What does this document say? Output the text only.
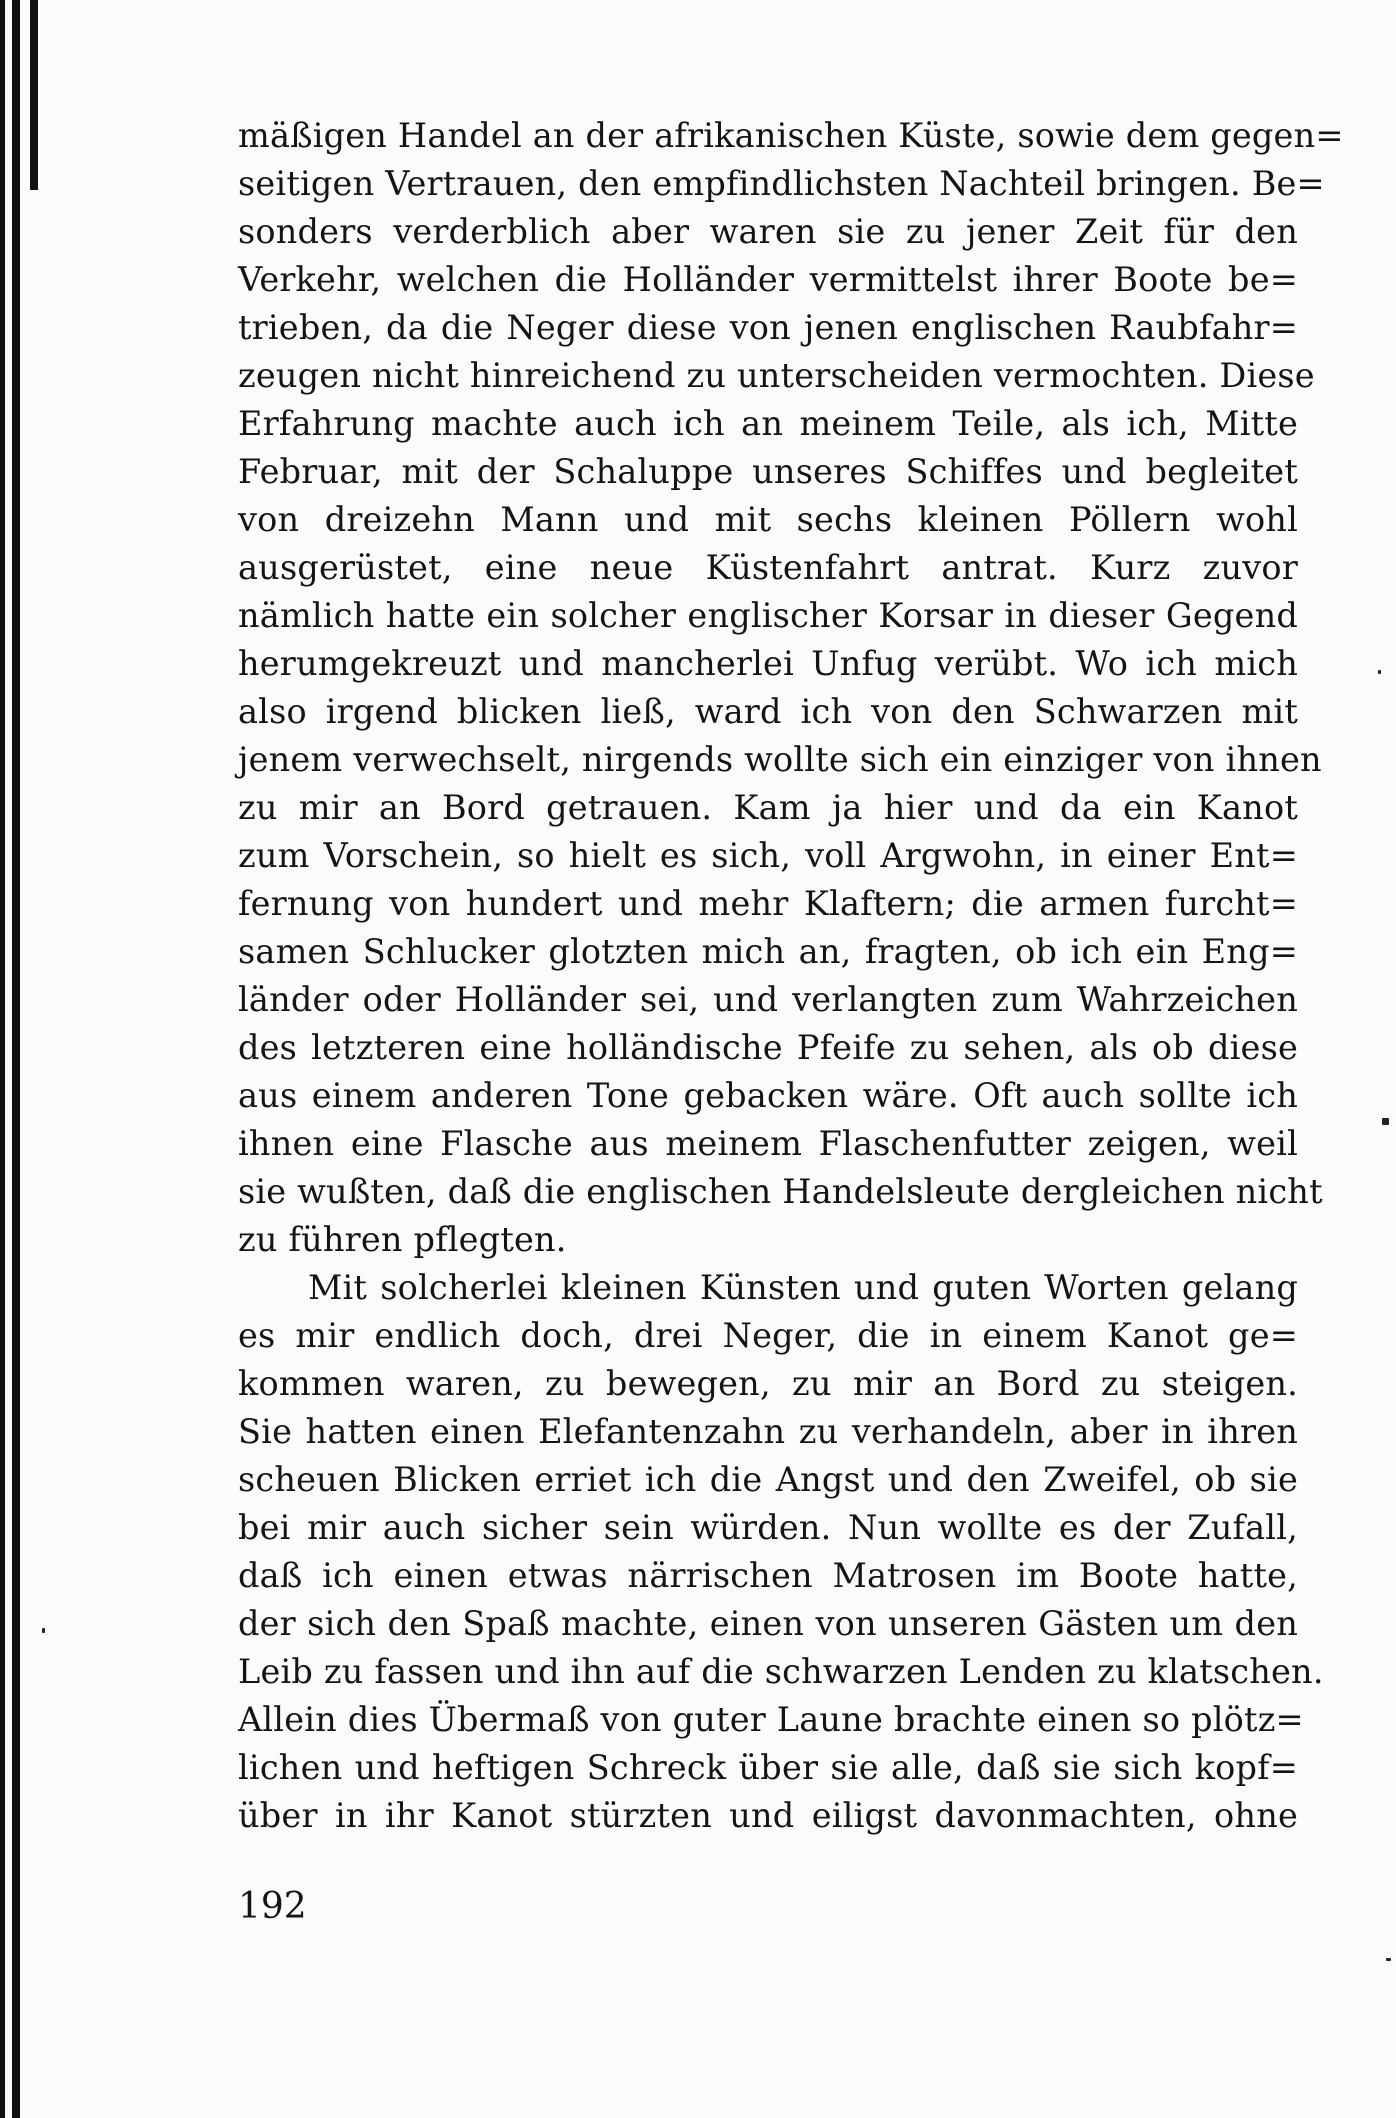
mäßigen Handel an der afrikanischen Küste, sowie dem gegen=
seitigen Vertrauen, den empfindlichsten Nachteil bringen. Be=
sonders verderblich aber waren sie zu jener Zeit für den
Verkehr, welchen die Holländer vermittelst ihrer Boote be=
trieben, da die Neger diese von jenen englischen Raubfahr=
zeugen nicht hinreichend zu unterscheiden vermochten. Diese
Erfahrung machte auch ich an meinem Teile, als ich, Mitte
Februar, mit der Schaluppe unseres Schiffes und begleitet
von dreizehn Mann und mit sechs kleinen Pöllern wohl
ausgerüstet, eine neue Küstenfahrt antrat. Kurz zuvor
nämlich hatte ein solcher englischer Korsar in dieser Gegend
herumgekreuzt und mancherlei Unfug verübt. Wo ich mich
also irgend blicken ließ, ward ich von den Schwarzen mit
jenem verwechselt, nirgends wollte sich ein einziger von ihnen
zu mir an Bord getrauen. Kam ja hier und da ein Kanot
zum Vorschein, so hielt es sich, voll Argwohn, in einer Ent=
fernung von hundert und mehr Klaftern; die armen furcht=
samen Schlucker glotzten mich an, fragten, ob ich ein Eng=
länder oder Holländer sei, und verlangten zum Wahrzeichen
des letzteren eine holländische Pfeife zu sehen, als ob diese
aus einem anderen Tone gebacken wäre. Oft auch sollte ich
ihnen eine Flasche aus meinem Flaschenfutter zeigen, weil
sie wußten, daß die englischen Handelsleute dergleichen nicht
zu führen pflegten.
Mit solcherlei kleinen Künsten und guten Worten gelang
es mir endlich doch, drei Neger, die in einem Kanot ge=
kommen waren, zu bewegen, zu mir an Bord zu steigen.
Sie hatten einen Elefantenzahn zu verhandeln, aber in ihren
scheuen Blicken erriet ich die Angst und den Zweifel, ob sie
bei mir auch sicher sein würden. Nun wollte es der Zufall,
daß ich einen etwas närrischen Matrosen im Boote hatte,
der sich den Spaß machte, einen von unseren Gästen um den
Leib zu fassen und ihn auf die schwarzen Lenden zu klatschen.
Allein dies Übermaß von guter Laune brachte einen so plötz=
lichen und heftigen Schreck über sie alle, daß sie sich kopf=
über in ihr Kanot stürzten und eiligst davonmachten, ohne
192
